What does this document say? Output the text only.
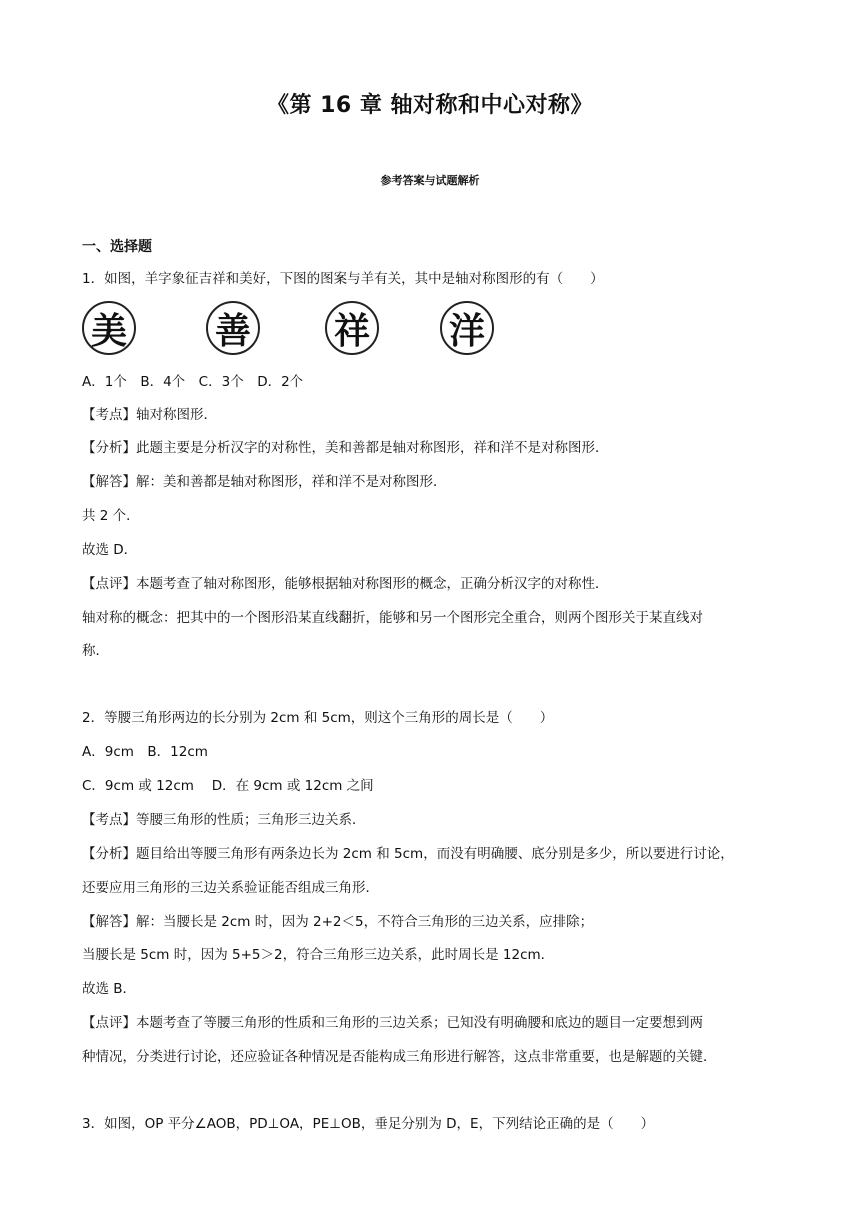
《第 16 章 轴对称和中心对称》
参考答案与试题解析
一、选择题
1．如图，羊字象征吉祥和美好，下图的图案与羊有关，其中是轴对称图形的有（　　）
美 善 祥 洋
A．1个　B．4个　C．3个　D．2个
【考点】轴对称图形．
【分析】此题主要是分析汉字的对称性，美和善都是轴对称图形，祥和洋不是对称图形．
【解答】解：美和善都是轴对称图形，祥和洋不是对称图形．
共 2 个．
故选 D．
【点评】本题考查了轴对称图形，能够根据轴对称图形的概念，正确分析汉字的对称性．
轴对称的概念：把其中的一个图形沿某直线翻折，能够和另一个图形完全重合，则两个图形关于某直线对
称．
2．等腰三角形两边的长分别为 2cm 和 5cm，则这个三角形的周长是（　　）
A．9cm　B．12cm
C．9cm 或 12cm　 D．在 9cm 或 12cm 之间
【考点】等腰三角形的性质；三角形三边关系．
【分析】题目给出等腰三角形有两条边长为 2cm 和 5cm，而没有明确腰、底分别是多少，所以要进行讨论，
还要应用三角形的三边关系验证能否组成三角形．
【解答】解：当腰长是 2cm 时，因为 2+2＜5，不符合三角形的三边关系，应排除；
当腰长是 5cm 时，因为 5+5＞2，符合三角形三边关系，此时周长是 12cm．
故选 B．
【点评】本题考查了等腰三角形的性质和三角形的三边关系；已知没有明确腰和底边的题目一定要想到两
种情况，分类进行讨论，还应验证各种情况是否能构成三角形进行解答，这点非常重要，也是解题的关键．
3．如图，OP 平分∠AOB，PD⊥OA，PE⊥OB，垂足分别为 D，E，下列结论正确的是（　　）
